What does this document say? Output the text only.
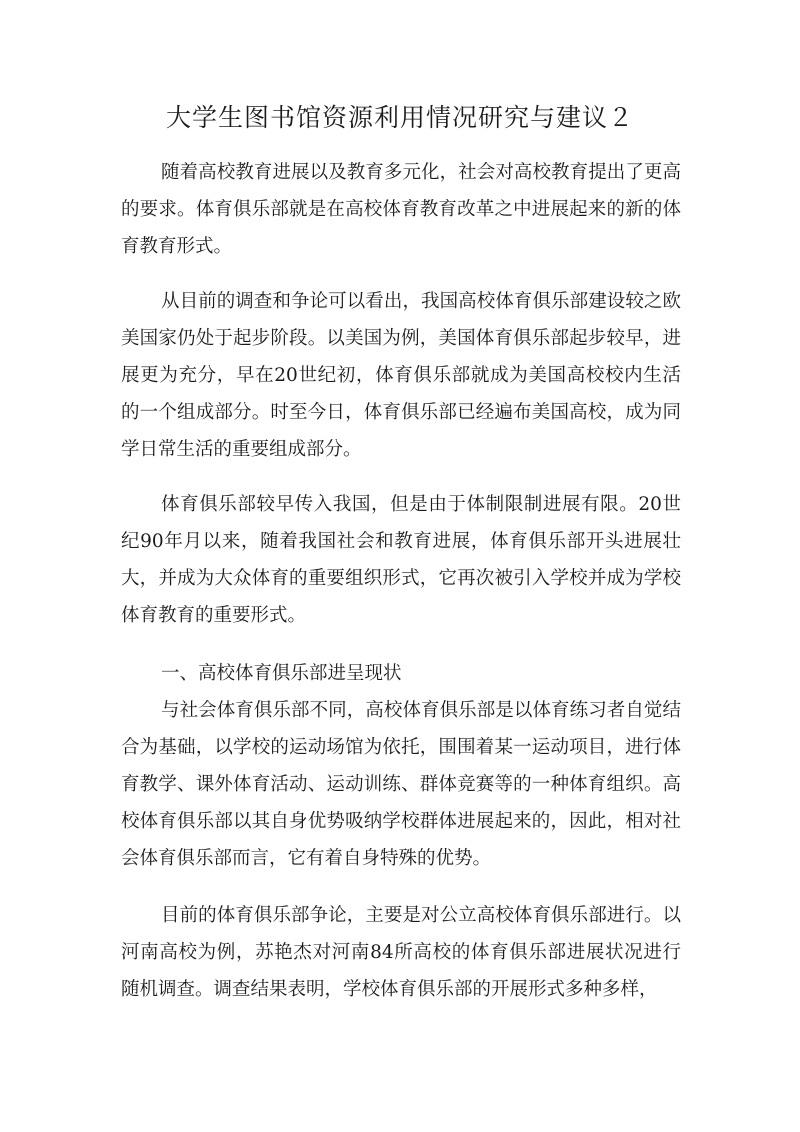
大学生图书馆资源利用情况研究与建议２
随着高校教育进展以及教育多元化，社会对高校教育提出了更高的要求。体育俱乐部就是在高校体育教育改革之中进展起来的新的体育教育形式。
从目前的调查和争论可以看出，我国高校体育俱乐部建设较之欧美国家仍处于起步阶段。以美国为例，美国体育俱乐部起步较早，进展更为充分，早在20世纪初，体育俱乐部就成为美国高校校内生活的一个组成部分。时至今日，体育俱乐部已经遍布美国高校，成为同学日常生活的重要组成部分。
体育俱乐部较早传入我国，但是由于体制限制进展有限。20世纪90年月以来，随着我国社会和教育进展，体育俱乐部开头进展壮大，并成为大众体育的重要组织形式，它再次被引入学校并成为学校体育教育的重要形式。
一、高校体育俱乐部进呈现状
与社会体育俱乐部不同，高校体育俱乐部是以体育练习者自觉结合为基础，以学校的运动场馆为依托，围围着某一运动项目，进行体育教学、课外体育活动、运动训练、群体竞赛等的一种体育组织。高校体育俱乐部以其自身优势吸纳学校群体进展起来的，因此，相对社会体育俱乐部而言，它有着自身特殊的优势。
目前的体育俱乐部争论，主要是对公立高校体育俱乐部进行。以河南高校为例，苏艳杰对河南84所高校的体育俱乐部进展状况进行随机调查。调查结果表明，学校体育俱乐部的开展形式多种多样，
